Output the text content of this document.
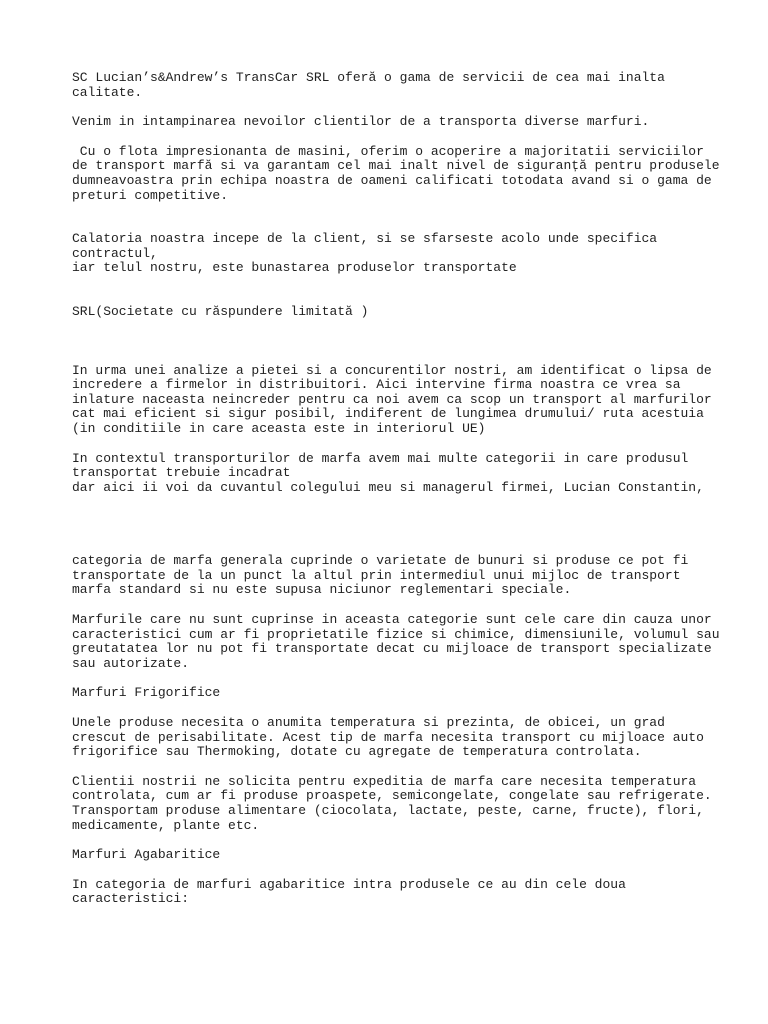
SC Lucian’s&Andrew’s TransCar SRL oferă o gama de servicii de cea mai inalta
calitate.
Venim in intampinarea nevoilor clientilor de a transporta diverse marfuri.
Cu o flota impresionanta de masini, oferim o acoperire a majoritatii serviciilor
de transport marfă si va garantam cel mai inalt nivel de siguranță pentru produsele
dumneavoastra prin echipa noastra de oameni calificati totodata avand si o gama de
preturi competitive.
Calatoria noastra incepe de la client, si se sfarseste acolo unde specifica
contractul,
iar telul nostru, este bunastarea produselor transportate
SRL(Societate cu răspundere limitată )
In urma unei analize a pietei si a concurentilor nostri, am identificat o lipsa de
incredere a firmelor in distribuitori. Aici intervine firma noastra ce vrea sa
inlature naceasta neincreder pentru ca noi avem ca scop un transport al marfurilor
cat mai eficient si sigur posibil, indiferent de lungimea drumului/ ruta acestuia
(in conditiile in care aceasta este in interiorul UE)
In contextul transporturilor de marfa avem mai multe categorii in care produsul
transportat trebuie incadrat
dar aici ii voi da cuvantul colegului meu si managerul firmei, Lucian Constantin,
categoria de marfa generala cuprinde o varietate de bunuri si produse ce pot fi
transportate de la un punct la altul prin intermediul unui mijloc de transport
marfa standard si nu este supusa niciunor reglementari speciale.
Marfurile care nu sunt cuprinse in aceasta categorie sunt cele care din cauza unor
caracteristici cum ar fi proprietatile fizice si chimice, dimensiunile, volumul sau
greutatatea lor nu pot fi transportate decat cu mijloace de transport specializate
sau autorizate.
Marfuri Frigorifice
Unele produse necesita o anumita temperatura si prezinta, de obicei, un grad
crescut de perisabilitate. Acest tip de marfa necesita transport cu mijloace auto
frigorifice sau Thermoking, dotate cu agregate de temperatura controlata.
Clientii nostrii ne solicita pentru expeditia de marfa care necesita temperatura
controlata, cum ar fi produse proaspete, semicongelate, congelate sau refrigerate.
Transportam produse alimentare (ciocolata, lactate, peste, carne, fructe), flori,
medicamente, plante etc.
Marfuri Agabaritice
In categoria de marfuri agabaritice intra produsele ce au din cele doua
caracteristici:
